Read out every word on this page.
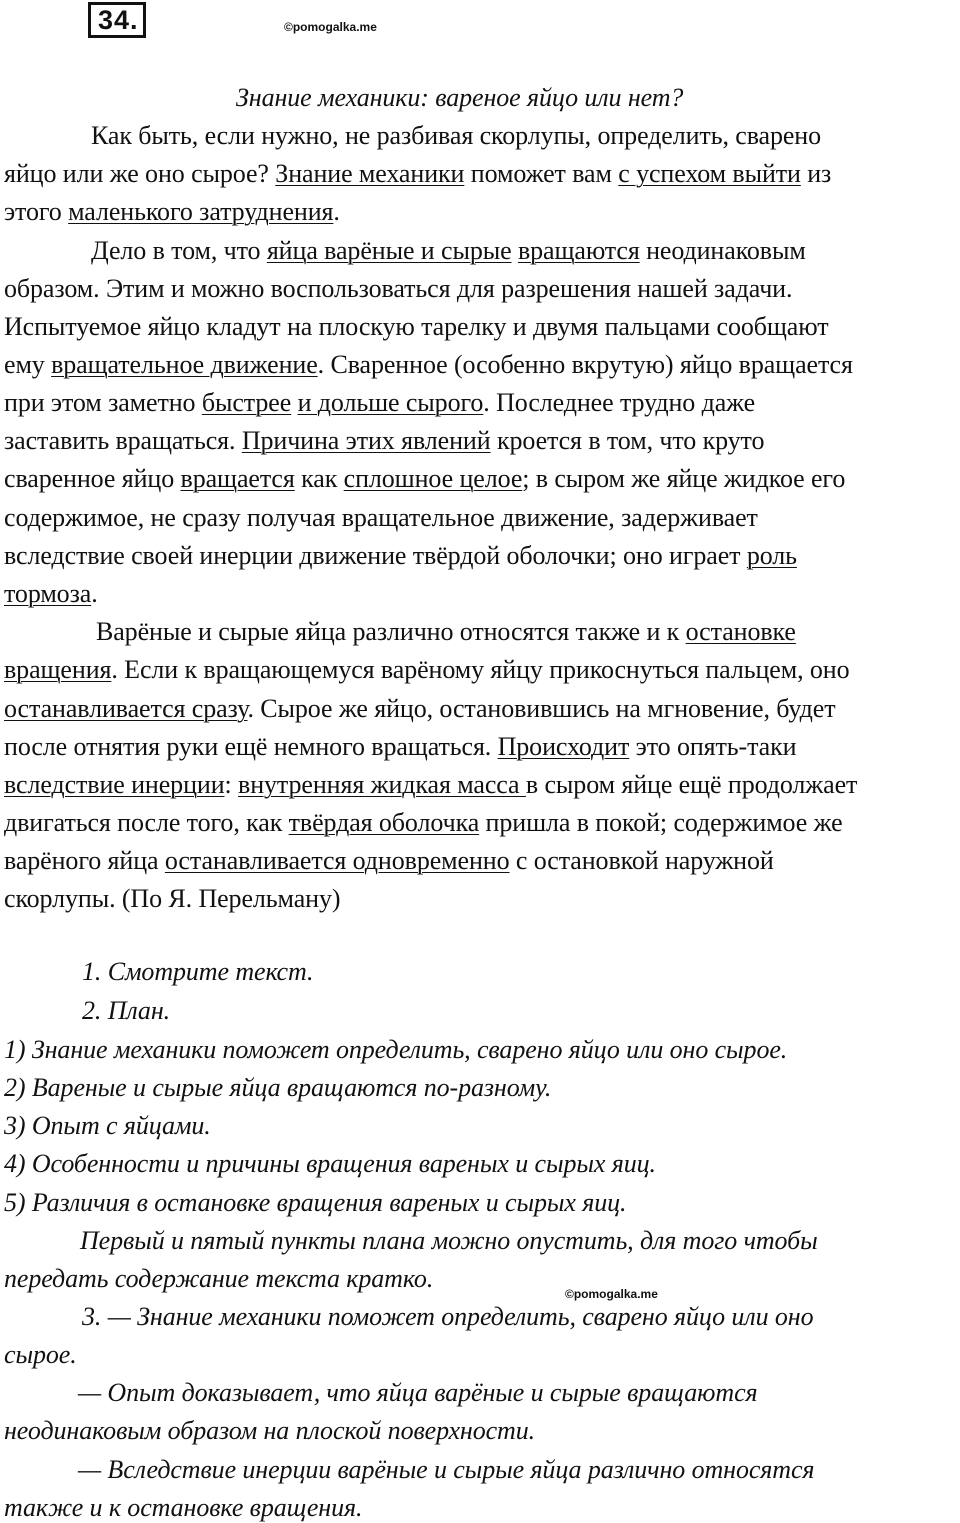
34.	©pomogalka.me
Знание механики: вареное яйцо или нет?
Как быть, если нужно, не разбивая скорлупы, определить, сварено
яйцо или же оно сырое? Знание механики поможет вам с успехом выйти из
этого маленького затруднения.
Дело в том, что яйца варёные и сырые вращаются неодинаковым
образом. Этим и можно воспользоваться для разрешения нашей задачи.
Испытуемое яйцо кладут на плоскую тарелку и двумя пальцами сообщают
ему вращательное движение. Сваренное (особенно вкрутую) яйцо вращается
при этом заметно быстрее и дольше сырого. Последнее трудно даже
заставить вращаться. Причина этих явлений кроется в том, что круто
сваренное яйцо вращается как сплошное целое; в сыром же яйце жидкое его
содержимое, не сразу получая вращательное движение, задерживает
вследствие своей инерции движение твёрдой оболочки; оно играет роль
тормоза.
Варёные и сырые яйца различно относятся также и к остановке
вращения. Если к вращающемуся варёному яйцу прикоснуться пальцем, оно
останавливается сразу. Сырое же яйцо, остановившись на мгновение, будет
после отнятия руки ещё немного вращаться. Происходит это опять-таки
вследствие инерции: внутренняя жидкая масса в сыром яйце ещё продолжает
двигаться после того, как твёрдая оболочка пришла в покой; содержимое же
варёного яйца останавливается одновременно с остановкой наружной
скорлупы. (По Я. Перельману)
1. Смотрите текст.
2. План.
1) Знание механики поможет определить, сварено яйцо или оно сырое.
2) Вареные и сырые яйца вращаются по-разному.
3) Опыт с яйцами.
4) Особенности и причины вращения вареных и сырых яиц.
5) Различия в остановке вращения вареных и сырых яиц.
Первый и пятый пункты плана можно опустить, для того чтобы
передать содержание текста кратко.
3. — Знание механики поможет определить, сварено яйцо или оно
сырое.
— Опыт доказывает, что яйца варёные и сырые вращаются
неодинаковым образом на плоской поверхности.
— Вследствие инерции варёные и сырые яйца различно относятся
также и к остановке вращения.
©pomogalka.me
